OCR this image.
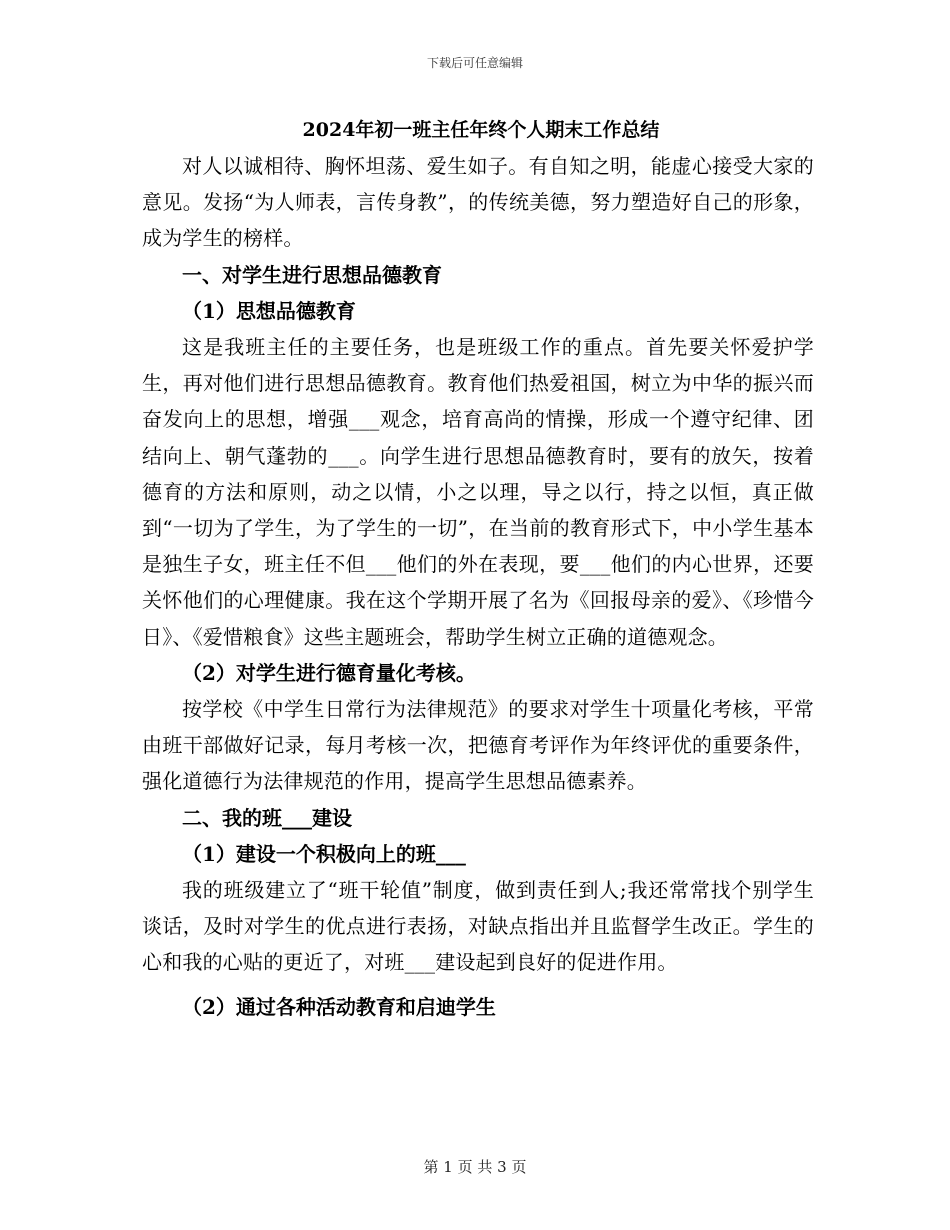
下载后可任意编辑

2024年初一班主任年终个人期末工作总结

对人以诚相待、胸怀坦荡、爱生如子。有自知之明，能虚心接受大家的意见。发扬“为人师表，言传身教”，的传统美德，努力塑造好自己的形象，成为学生的榜样。

一、对学生进行思想品德教育

（1）思想品德教育

这是我班主任的主要任务，也是班级工作的重点。首先要关怀爱护学生，再对他们进行思想品德教育。教育他们热爱祖国，树立为中华的振兴而奋发向上的思想，增强___观念，培育高尚的情操，形成一个遵守纪律、团结向上、朝气蓬勃的___。向学生进行思想品德教育时，要有的放矢，按着德育的方法和原则，动之以情，小之以理，导之以行，持之以恒，真正做到“一切为了学生，为了学生的一切”，在当前的教育形式下，中小学生基本是独生子女，班主任不但___他们的外在表现，要___他们的内心世界，还要关怀他们的心理健康。我在这个学期开展了名为《回报母亲的爱》、《珍惜今日》、《爱惜粮食》这些主题班会，帮助学生树立正确的道德观念。

（2）对学生进行德育量化考核。

按学校《中学生日常行为法律规范》的要求对学生十项量化考核，平常由班干部做好记录，每月考核一次，把德育考评作为年终评优的重要条件，强化道德行为法律规范的作用，提高学生思想品德素养。

二、我的班___建设

（1）建设一个积极向上的班___

我的班级建立了“班干轮值”制度，做到责任到人;我还常常找个别学生谈话，及时对学生的优点进行表扬，对缺点指出并且监督学生改正。学生的心和我的心贴的更近了，对班___建设起到良好的促进作用。

（2）通过各种活动教育和启迪学生

第 1 页 共 3 页
